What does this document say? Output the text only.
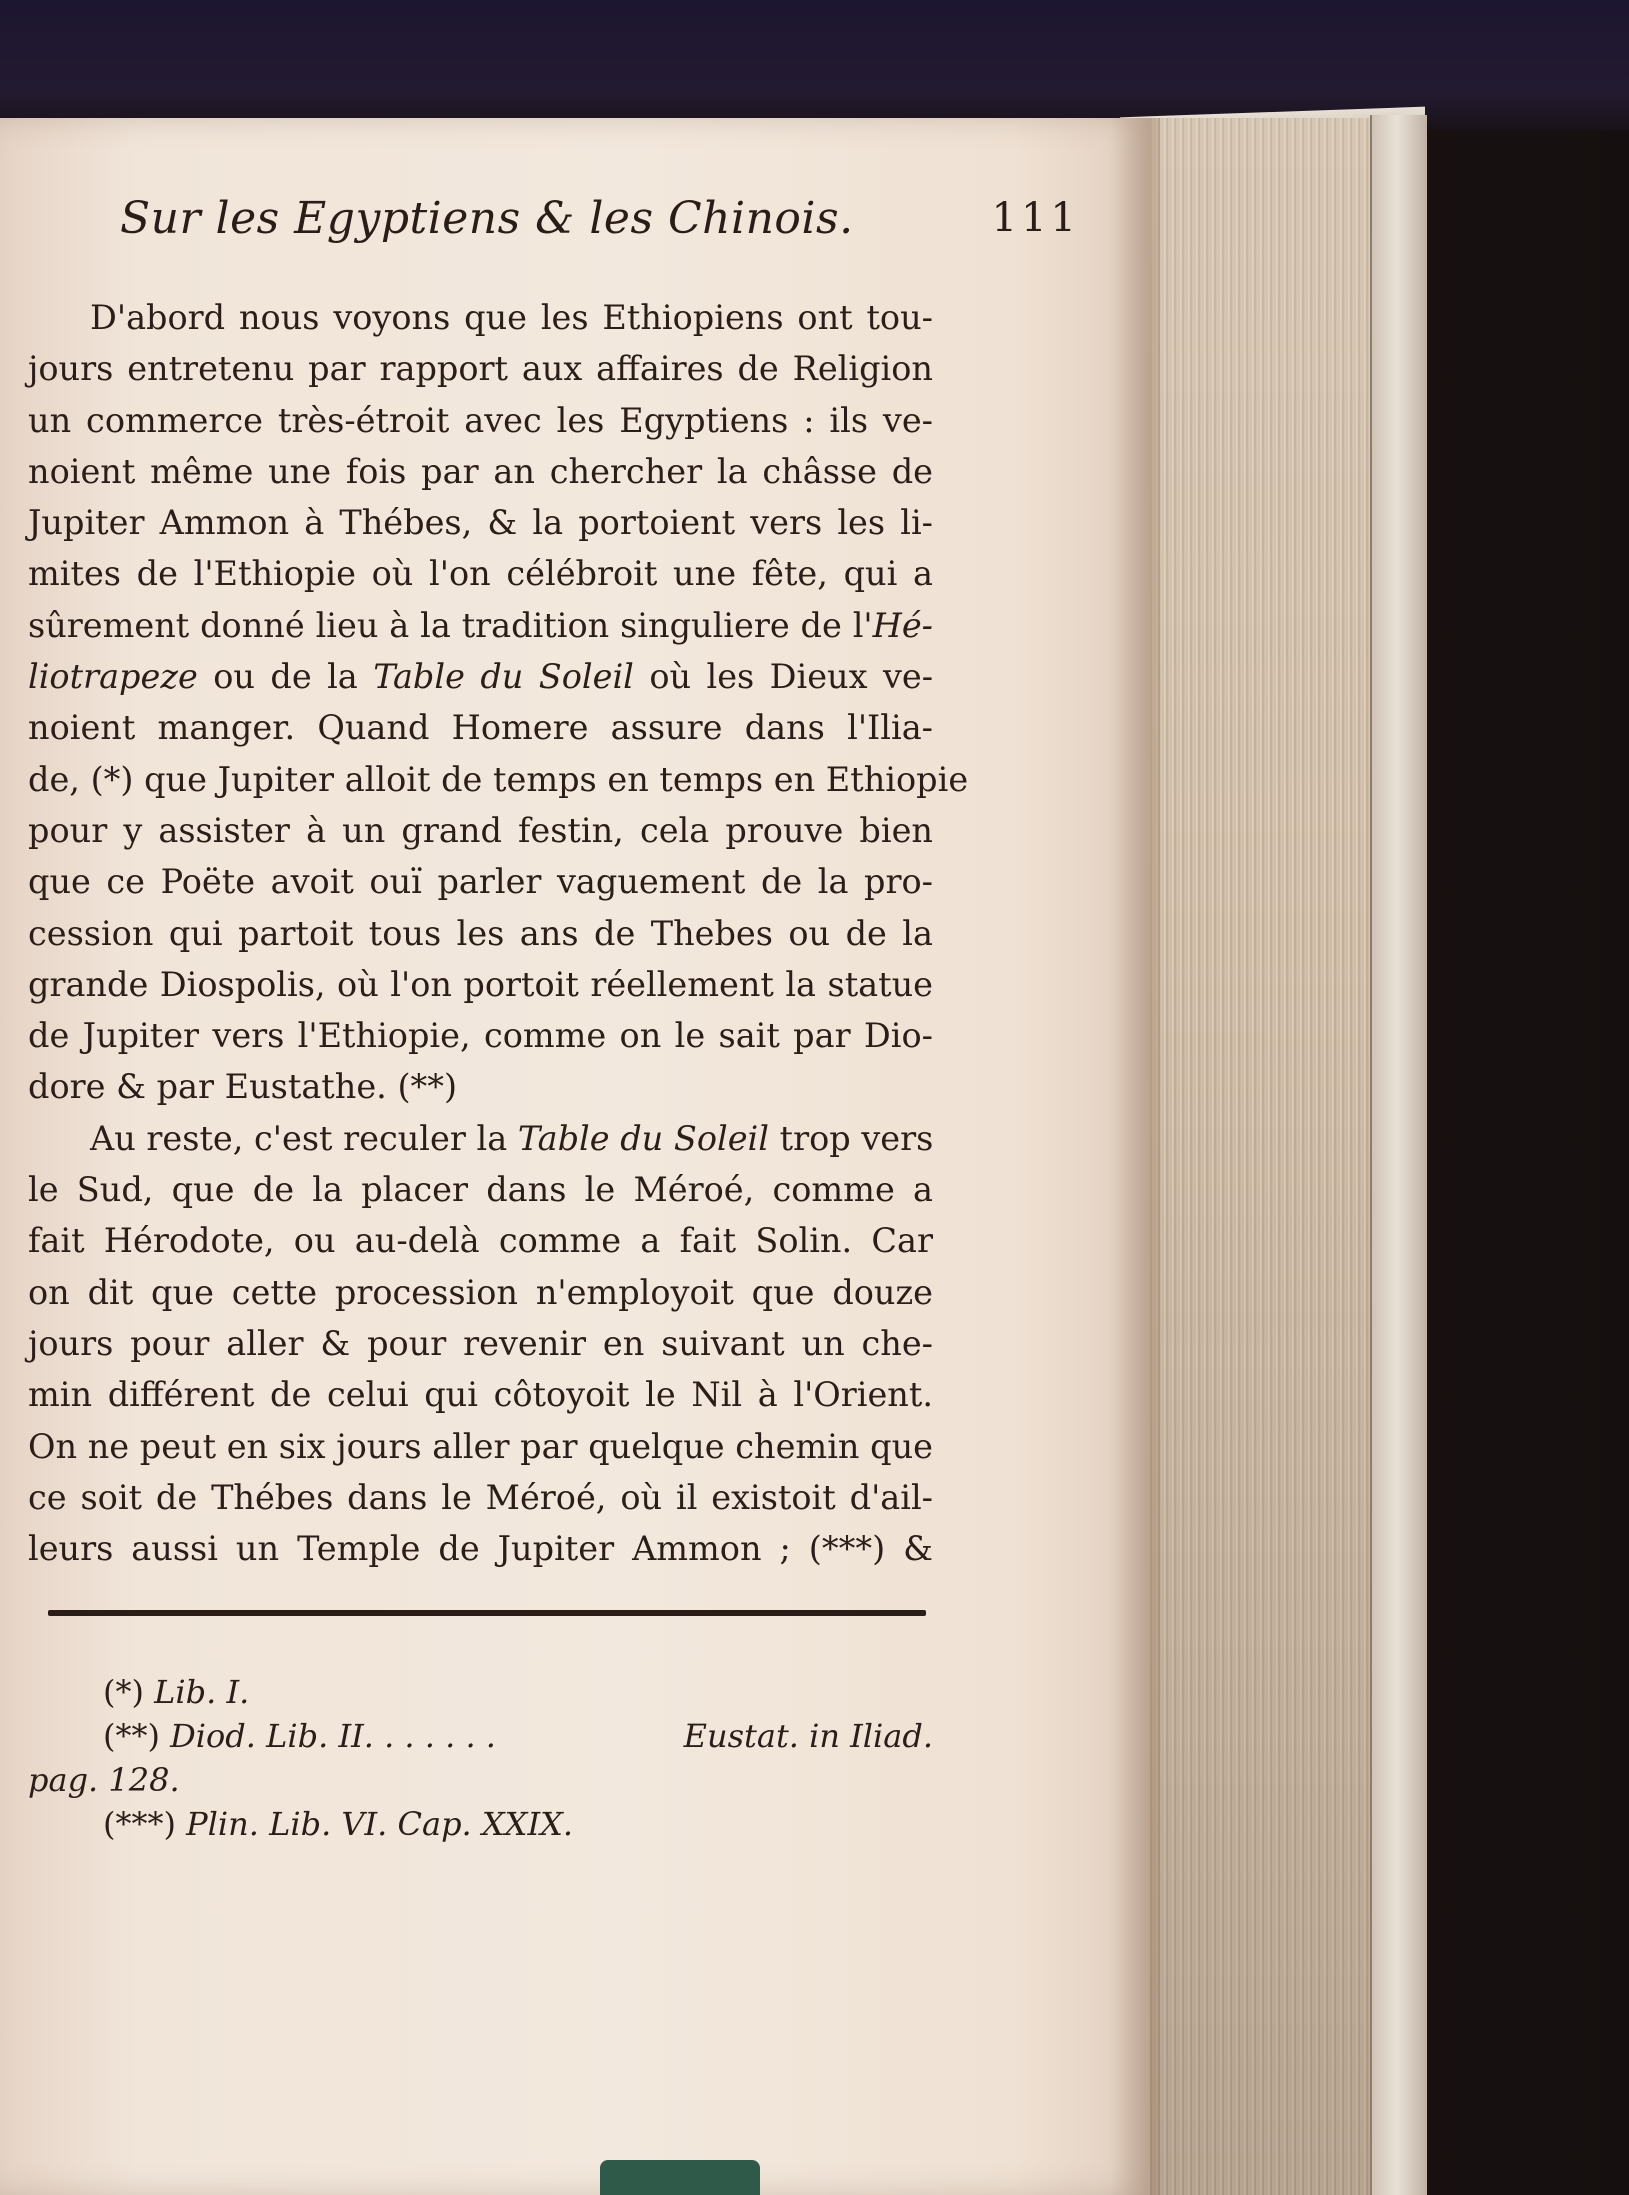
Sur les Egyptiens & les Chinois.	111
D'abord nous voyons que les Ethiopiens ont tou-
jours entretenu par rapport aux affaires de Religion
un commerce très-étroit avec les Egyptiens : ils ve-
noient même une fois par an chercher la châsse de
Jupiter Ammon à Thébes, & la portoient vers les li-
mites de l'Ethiopie où l'on célébroit une fête, qui a
sûrement donné lieu à la tradition singuliere de l'Hé-
liotrapeze ou de la Table du Soleil où les Dieux ve-
noient manger. Quand Homere assure dans l'Ilia-
de, (*) que Jupiter alloit de temps en temps en Ethiopie
pour y assister à un grand festin, cela prouve bien
que ce Poëte avoit ouï parler vaguement de la pro-
cession qui partoit tous les ans de Thebes ou de la
grande Diospolis, où l'on portoit réellement la statue
de Jupiter vers l'Ethiopie, comme on le sait par Dio-
dore & par Eustathe. (**)
Au reste, c'est reculer la Table du Soleil trop vers
le Sud, que de la placer dans le Méroé, comme a
fait Hérodote, ou au-delà comme a fait Solin. Car
on dit que cette procession n'employoit que douze
jours pour aller & pour revenir en suivant un che-
min différent de celui qui côtoyoit le Nil à l'Orient.
On ne peut en six jours aller par quelque chemin que
ce soit de Thébes dans le Méroé, où il existoit d'ail-
leurs aussi un Temple de Jupiter Ammon ; (***) &
(*) Lib. I.
(**) Diod. Lib. II. . . . . . .	Eustat. in Iliad.
pag. 128.
(***) Plin. Lib. VI. Cap. XXIX.
